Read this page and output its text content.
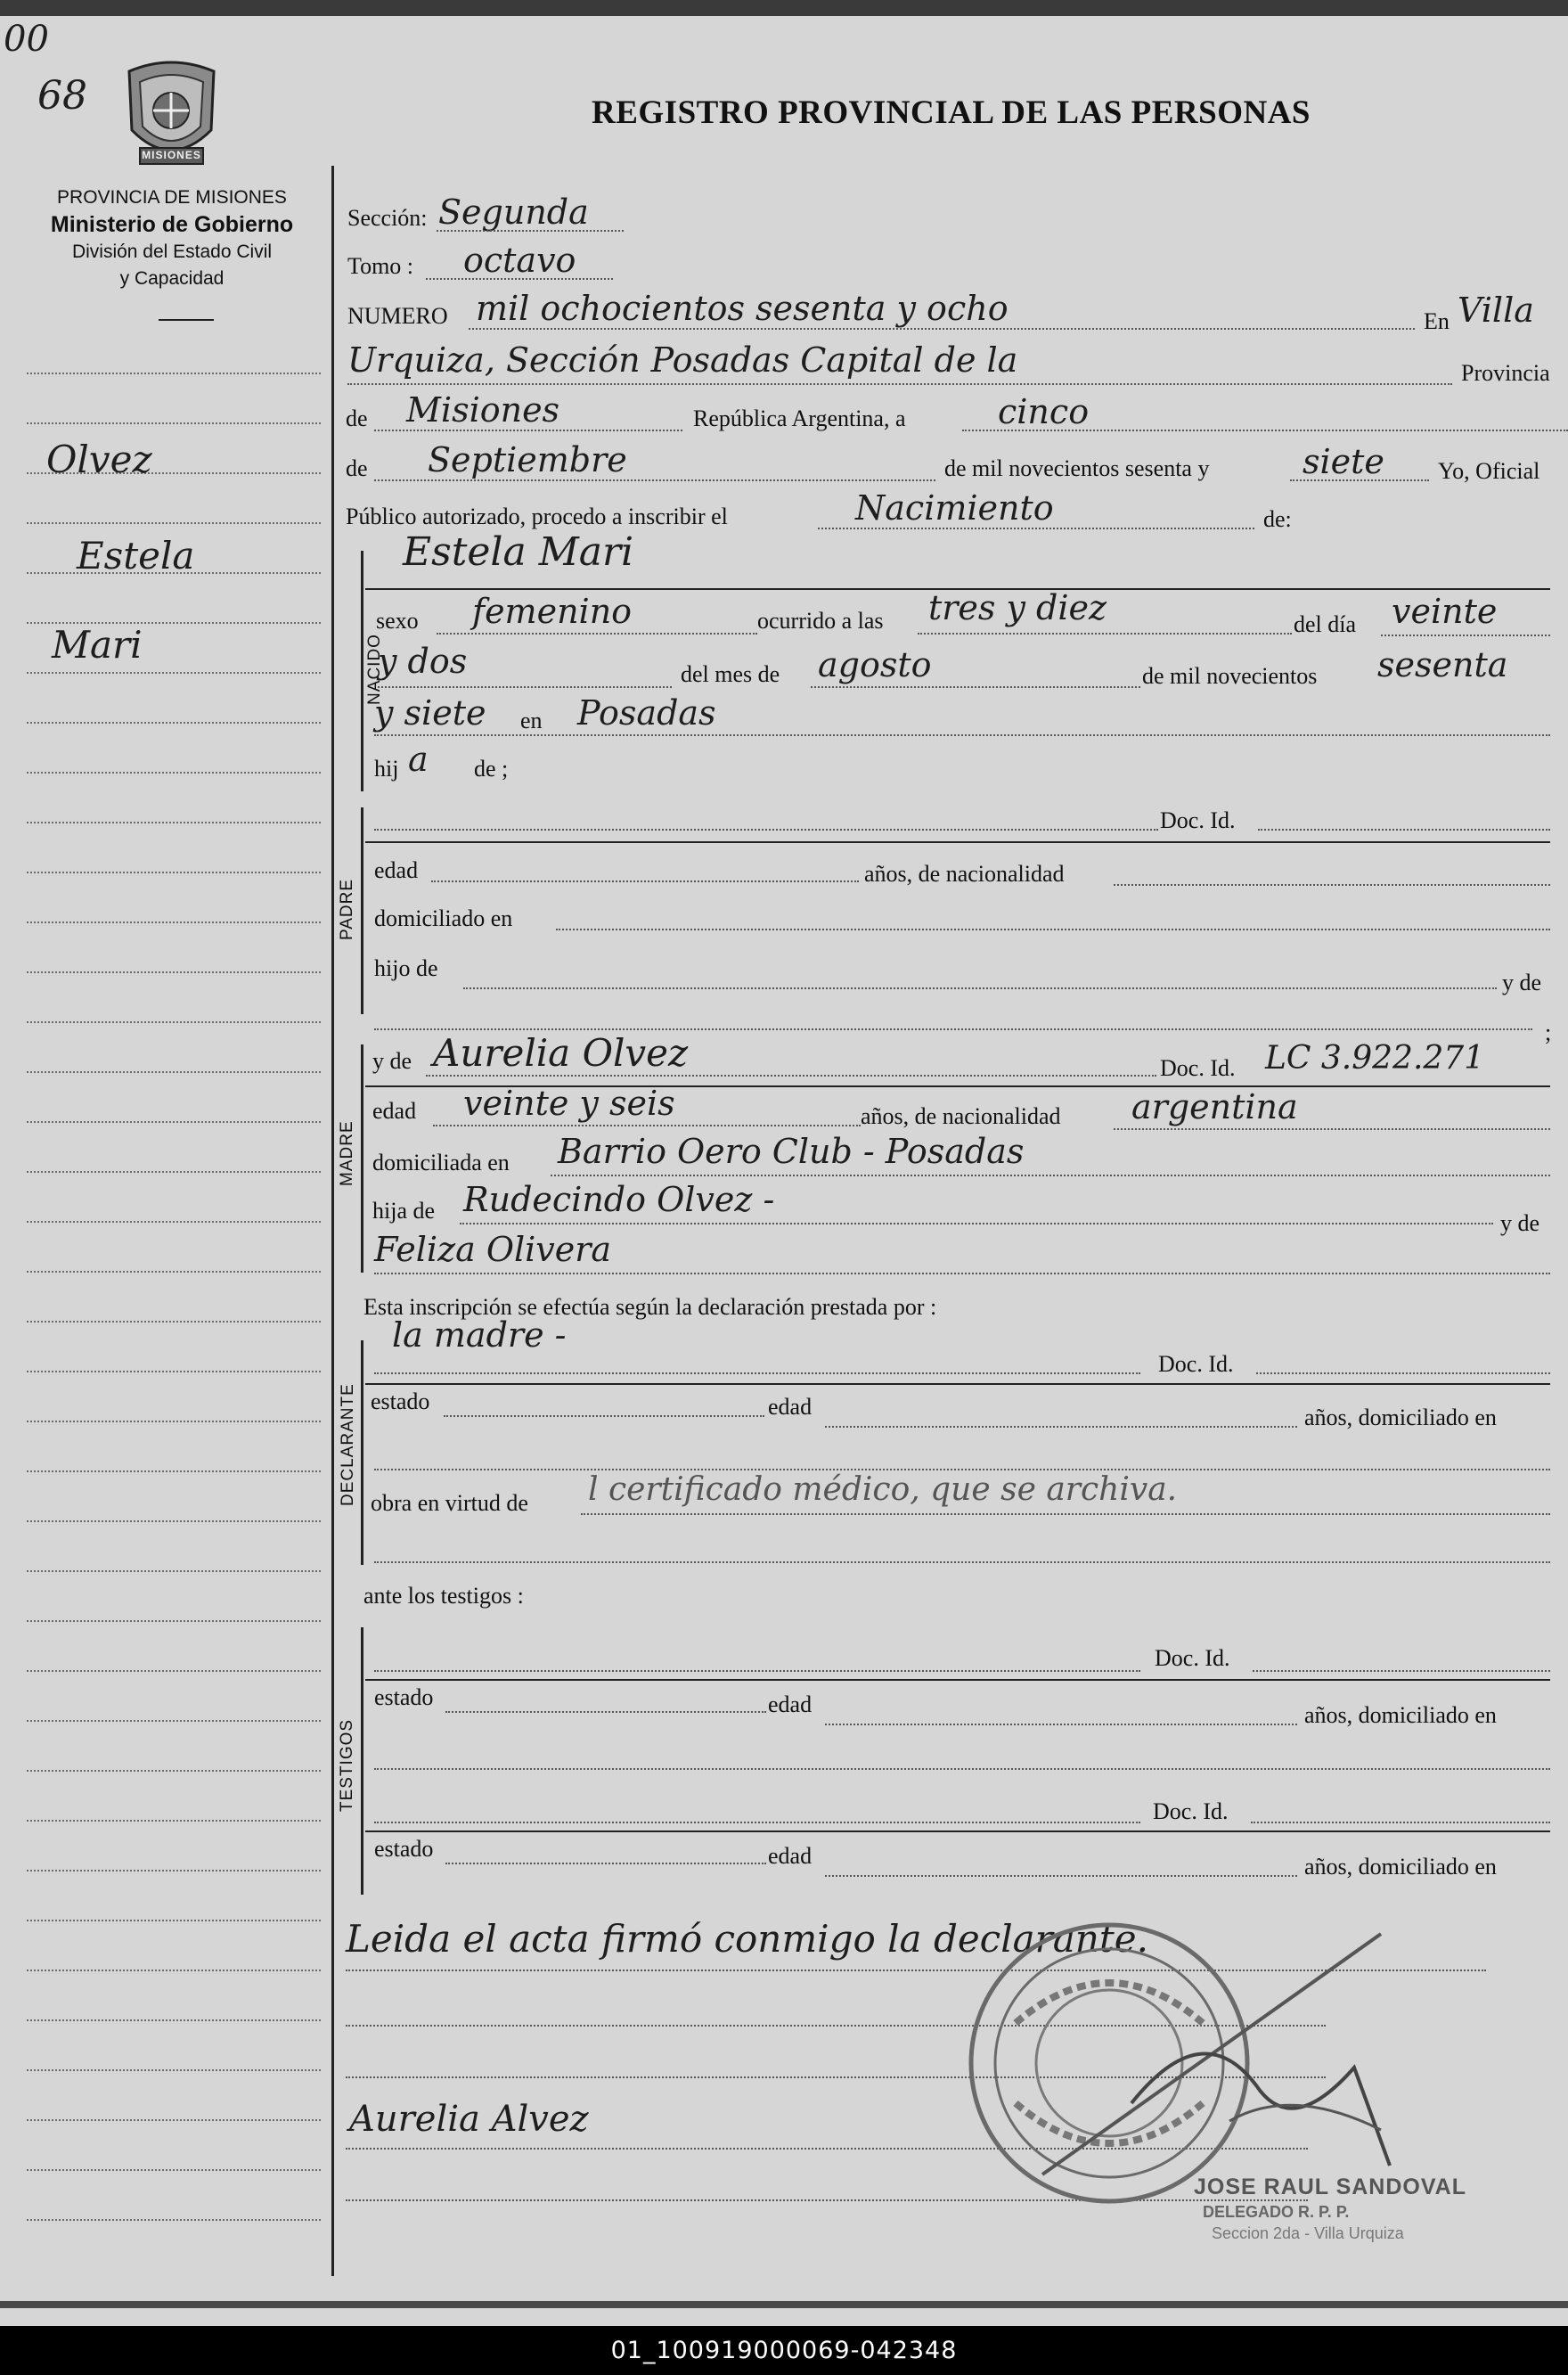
00
68
MISIONES
REGISTRO PROVINCIAL DE LAS PERSONAS
PROVINCIA DE MISIONES
Ministerio de Gobierno
División del Estado Civil
y Capacidad
Olvez
Estela
Mari
Sección: Segunda
Tomo : octavo
NUMERO mil ochocientos sesenta y ocho	En Villa
Urquiza, Sección Posadas Capital de la	Provincia
de Misiones	República Argentina, a	cinco
de Septiembre	de mil novecientos sesenta y	siete Yo, Oficial
Público autorizado, procedo a inscribir el	Nacimiento	de:
NACIDO
Estela Mari
sexo femenino	ocurrido a las tres y diez	del día veinte
y dos	del mes de agosto	de mil novecientos sesenta
y siete en Posadas
hij a de ;
PADRE
Doc. Id.
edad	años, de nacionalidad
domiciliado en
hijo de
y de
;
MADRE
y de Aurelia Olvez	Doc. Id. LC 3.922.271
edad veinte y seis	años, de nacionalidad argentina
domiciliada en Barrio Oero Club - Posadas
hija de Rudecindo Olvez -
y de
Feliza Olivera
Esta inscripción se efectúa según la declaración prestada por :
DECLARANTE
la madre -
Doc. Id.
estado	edad	años, domiciliado en
obra en virtud de l certificado médico, que se archiva.
ante los testigos :
TESTIGOS
Doc. Id.
estado	edad	años, domiciliado en
Doc. Id.
estado	edad	años, domiciliado en
Leida el acta firmó conmigo la declarante.
Aurelia Alvez
JOSE RAUL SANDOVAL
DELEGADO R. P. P.
Seccion 2da - Villa Urquiza
01_100919000069-042348
